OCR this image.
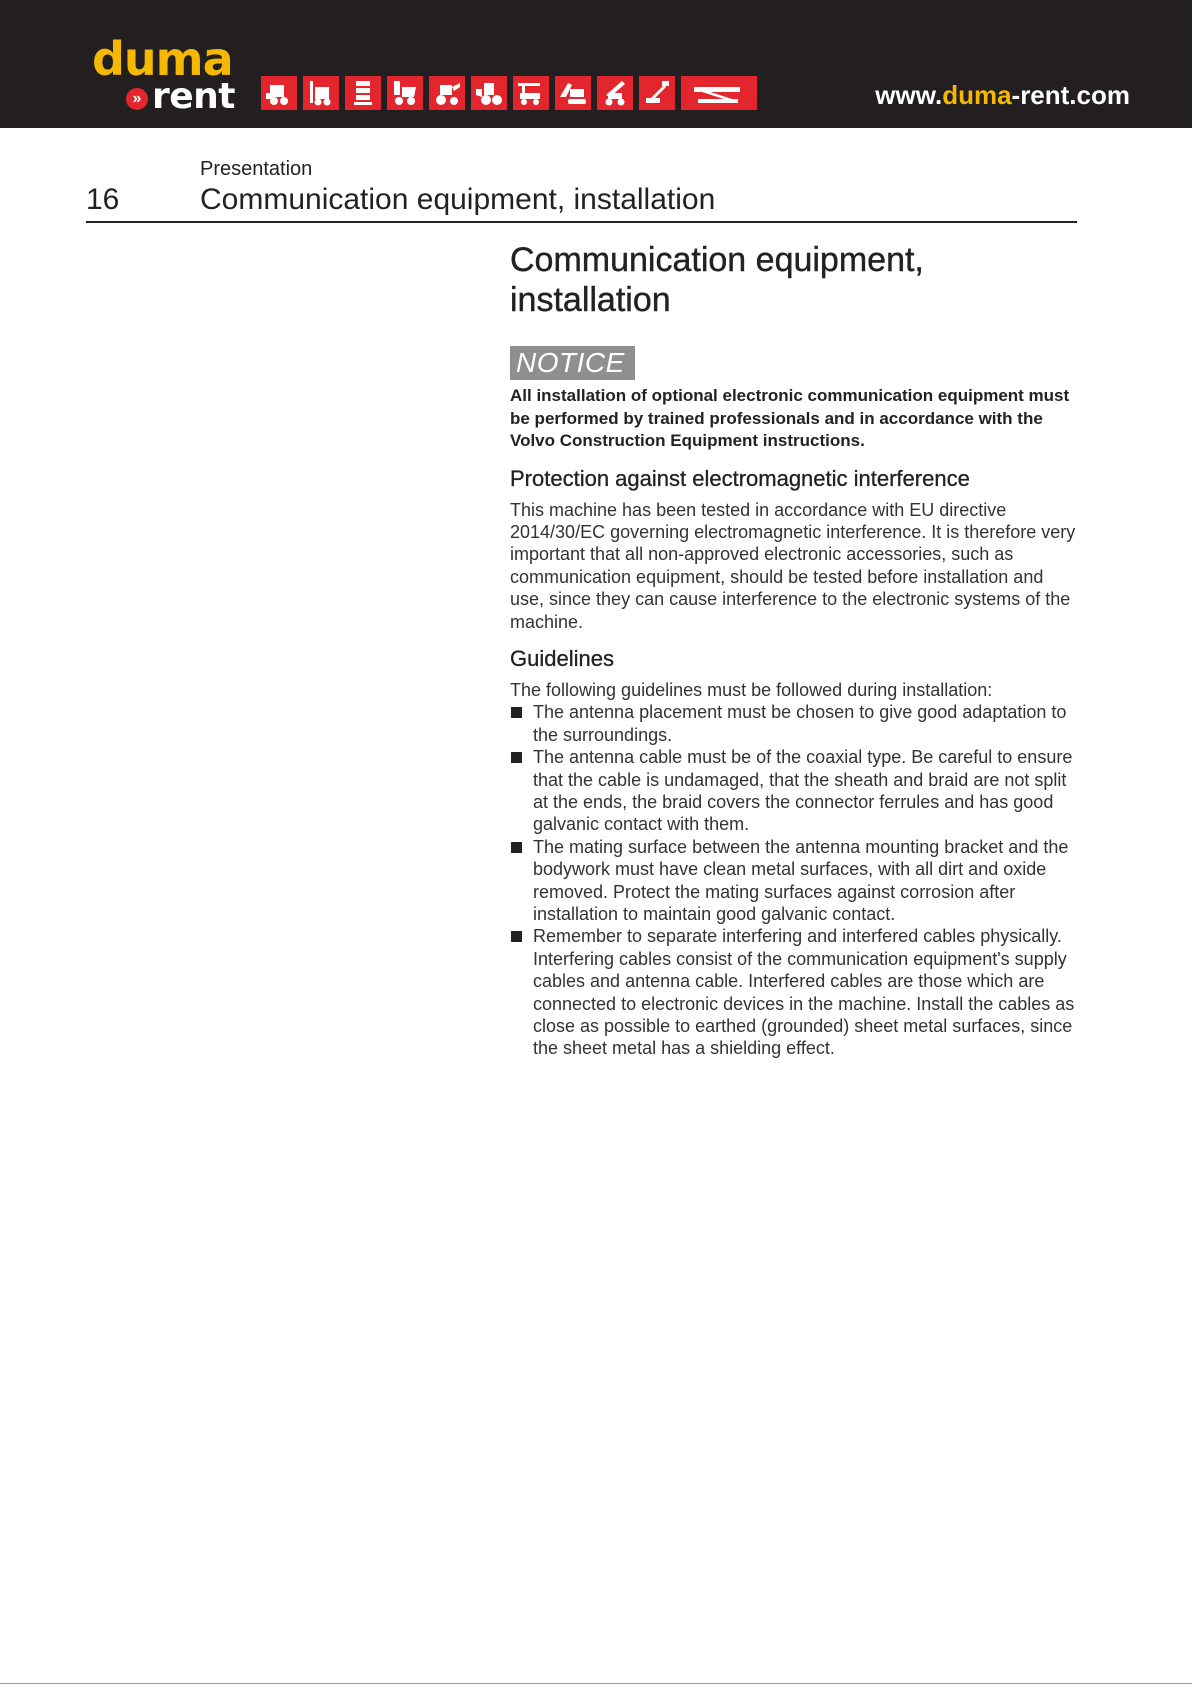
duma
» rent	www.duma-rent.com
Presentation
16	Communication equipment, installation
Communication equipment, installation
NOTICE

All installation of optional electronic communication equipment must be performed by trained professionals and in accordance with the Volvo Construction Equipment instructions.

Protection against electromagnetic interference

This machine has been tested in accordance with EU directive 2014/30/EC governing electromagnetic interference. It is therefore very important that all non-approved electronic accessories, such as communication equipment, should be tested before installation and use, since they can cause interference to the electronic systems of the machine.

Guidelines

The following guidelines must be followed during installation:

The antenna placement must be chosen to give good adaptation to the surroundings.
The antenna cable must be of the coaxial type. Be careful to ensure that the cable is undamaged, that the sheath and braid are not split at the ends, the braid covers the connector ferrules and has good galvanic contact with them.
The mating surface between the antenna mounting bracket and the bodywork must have clean metal surfaces, with all dirt and oxide removed. Protect the mating surfaces against corrosion after installation to maintain good galvanic contact.
Remember to separate interfering and interfered cables physically. Interfering cables consist of the communication equipment's supply cables and antenna cable. Interfered cables are those which are connected to electronic devices in the machine. Install the cables as close as possible to earthed (grounded) sheet metal surfaces, since the sheet metal has a shielding effect.
